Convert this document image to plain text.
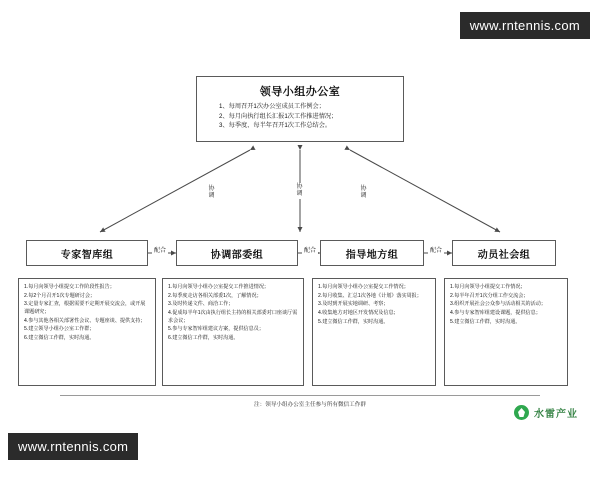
领导小组办公室
1、每周召开1次办公室成员工作例会；
2、每月向执行组长汇报1次工作推进情况；
3、每季度、每半年召开1次工作总结会。
协调
协调
协调
配合	配合	配合
专家智库组	协调部委组	指导地方组	动员社会组
1.每月向领导小组提交工作阶段性报告；
2.每2个月召开1次专题研讨会；
3.定量专家汇查，根据需要不定期开展交流会，或开展课题研究；
4.参与其他各相关部署性会议、专题座谈、提供支持；
5.建立领导小组办公室工作群；
6.建立微信工作群，实时沟通。
1.每月向领导小组办公室提交工作推进情况；
2.每季度走访各相关部委1次，了解情况；
3.及时传递文件、商洽工作；
4.促成每半年1次由执行组长主持的相关部委对口座谈厅需求会议；
5.参与专家智库组建议方案，提供信息员；
6.建立微信工作群，实时沟通。
1.每月向领导小组办公室提交工作情况；
2.每月收集、汇总1次各地《计划》落实周报；
3.及时到开展实地调研、考察；
4.收集地方对地区开发情况及信息；
5.建立微信工作群，实时沟通。
1.每月向领导小组提交工作情况；
2.每半年召开1次分组工作交流会；
3.组织开展社会公众参与活动相关的活动；
4.参与专家智库组建设课题，提供信息；
5.建立微信工作群，实时沟通。
注：领导小组办公室主任参与所有微信工作群
水雷产业
www.rntennis.com
www.rntennis.com
